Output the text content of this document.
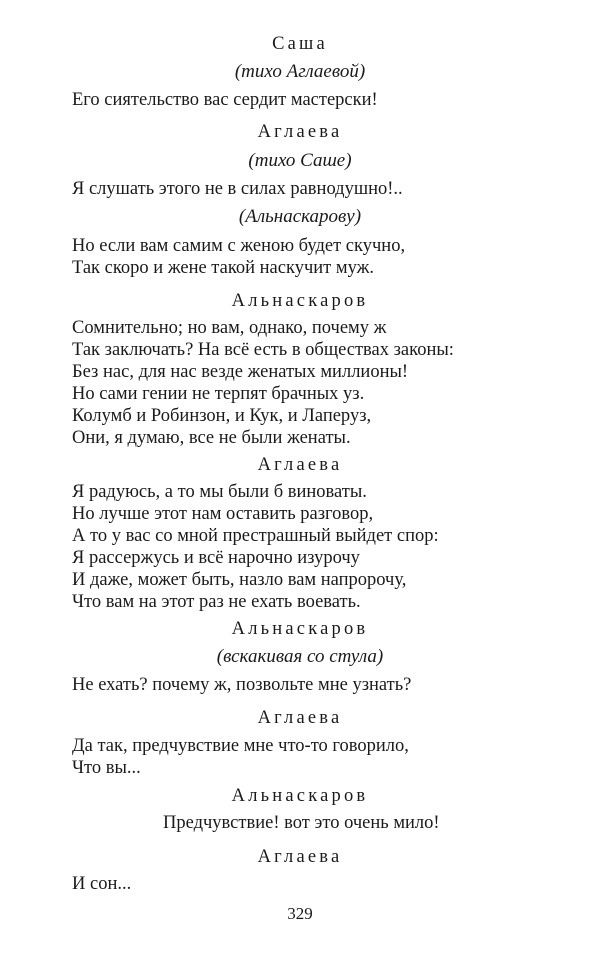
Саша
(тихо Аглаевой)
Его сиятельство вас сердит мастерски!
Аглаева
(тихо Саше)
Я слушать этого не в силах равнодушно!..
(Альнаскарову)
Но если вам самим с женою будет скучно,
Так скоро и жене такой наскучит муж.
Альнаскаров
Сомнительно; но вам, однако, почему ж
Так заключать? На всё есть в обществах законы:
Без нас, для нас везде женатых миллионы!
Но сами гении не терпят брачных уз.
Колумб и Робинзон, и Кук, и Лаперуз,
Они, я думаю, все не были женаты.
Аглаева
Я радуюсь, а то мы были б виноваты.
Но лучше этот нам оставить разговор,
А то у вас со мной престрашный выйдет спор:
Я рассержусь и всё нарочно изурочу
И даже, может быть, назло вам напророчу,
Что вам на этот раз не ехать воевать.
Альнаскаров
(вскакивая со стула)
Не ехать? почему ж, позвольте мне узнать?
Аглаева
Да так, предчувствие мне что-то говорило,
Что вы...
Альнаскаров
Предчувствие! вот это очень мило!
Аглаева
И сон...
329
